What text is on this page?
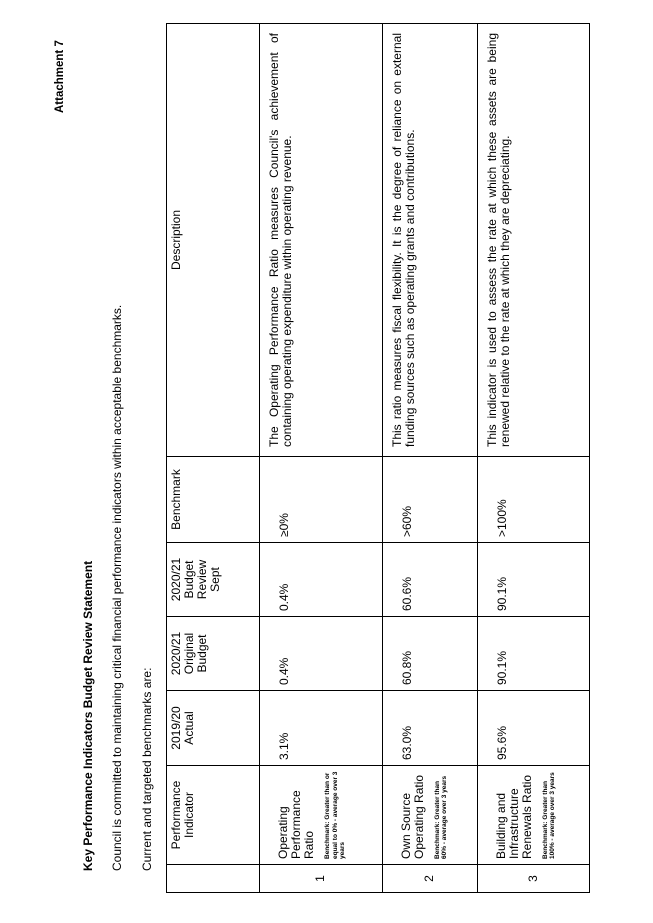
Attachment 7

Key Performance Indicators Budget Review Statement Council is committed to maintaining critical financial performance indicators within acceptable benchmarks. Current and targeted benchmarks are:

	Performance Indicator	2019/20 Actual	2020/21 Original Budget	2020/21 Budget Review Sept	Benchmark	Description
1	Operating Performance Ratio Benchmark: Greater than or equal to 0% - average over 3 years	3.1%	0.4%	0.4%	≥0%	The Operating Performance Ratio measures Council's achievement of containing operating expenditure within operating revenue.
2	Own Source Operating Ratio Benchmark: Greater than 60% - average over 3 years	63.0%	60.8%	60.6%	>60%	This ratio measures fiscal flexibility. It is the degree of reliance on external funding sources such as operating grants and contributions.
3	Building and Infrastructure Renewals Ratio Benchmark: Greater than 100% - average over 3 years	95.6%	90.1%	90.1%	>100%	This indicator is used to assess the rate at which these assets are being renewed relative to the rate at which they are depreciating.
